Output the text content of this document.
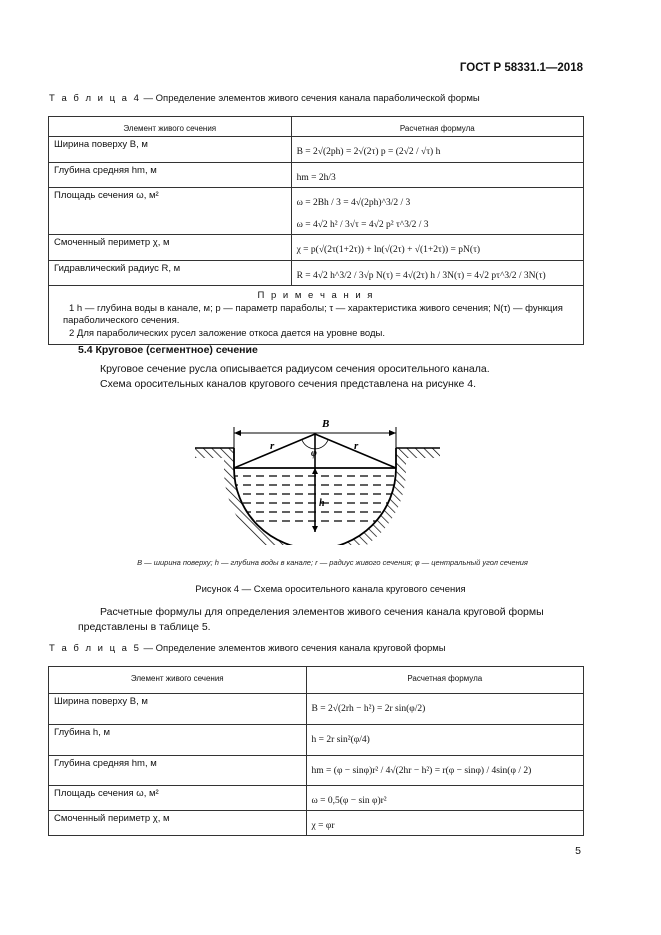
ГОСТ Р 58331.1—2018
Т а б л и ц а 4 — Определение элементов живого сечения канала параболической формы
Элемент живого сечения	Расчетная формула
Ширина поверху B, м	B = 2√(2ph) = 2√(2τ) p = (2√2 / √τ) h

Глубина средняя hm, м	hm = 2h/3

Площадь сечения ω, м²	ω = 2Bh / 3 = 4√(2ph)^3/2 / 3
ω = 4√2 h² / 3√τ = 4√2 p² τ^3/2 / 3

Смоченный периметр χ, м	χ = p(√(2τ(1+2τ)) + ln(√(2τ) + √(1+2τ)) = pN(τ)

Гидравлический радиус R, м	R = 4√2 h^3/2 / 3√p N(τ) = 4√(2τ) h / 3N(τ) = 4√2 pτ^3/2 / 3N(τ)

П р и м е ч а н и я
1 h — глубина воды в канале, м; p — параметр параболы; τ — характеристика живого сечения; N(τ) — функция параболического сечения.
2 Для параболических русел заложение откоса дается на уровне воды.	
5.4 Круговое (сегментное) сечение
Круговое сечение русла описывается радиусом сечения оросительного канала.
Схема оросительных каналов кругового сечения представлена на рисунке 4.
B
r	r
φ
h
B — ширина поверху; h — глубина воды в канале; r — радиус живого сечения; φ — центральный угол сечения
Рисунок 4 — Схема оросительного канала кругового сечения
Расчетные формулы для определения элементов живого сечения канала круговой формы представлены в таблице 5.
Т а б л и ц а 5 — Определение элементов живого сечения канала круговой формы
Элемент живого сечения	Расчетная формула
Ширина поверху B, м	B = 2√(2rh − h²) = 2r sin(φ/2)

Глубина h, м	h = 2r sin²(φ/4)

Глубина средняя hm, м	hm = (φ − sinφ)r² / 4√(2hr − h²) = r(φ − sinφ) / 4sin(φ / 2)

Площадь сечения ω, м²	ω = 0,5(φ − sin φ)r²

Смоченный периметр χ, м	χ = φr
5
